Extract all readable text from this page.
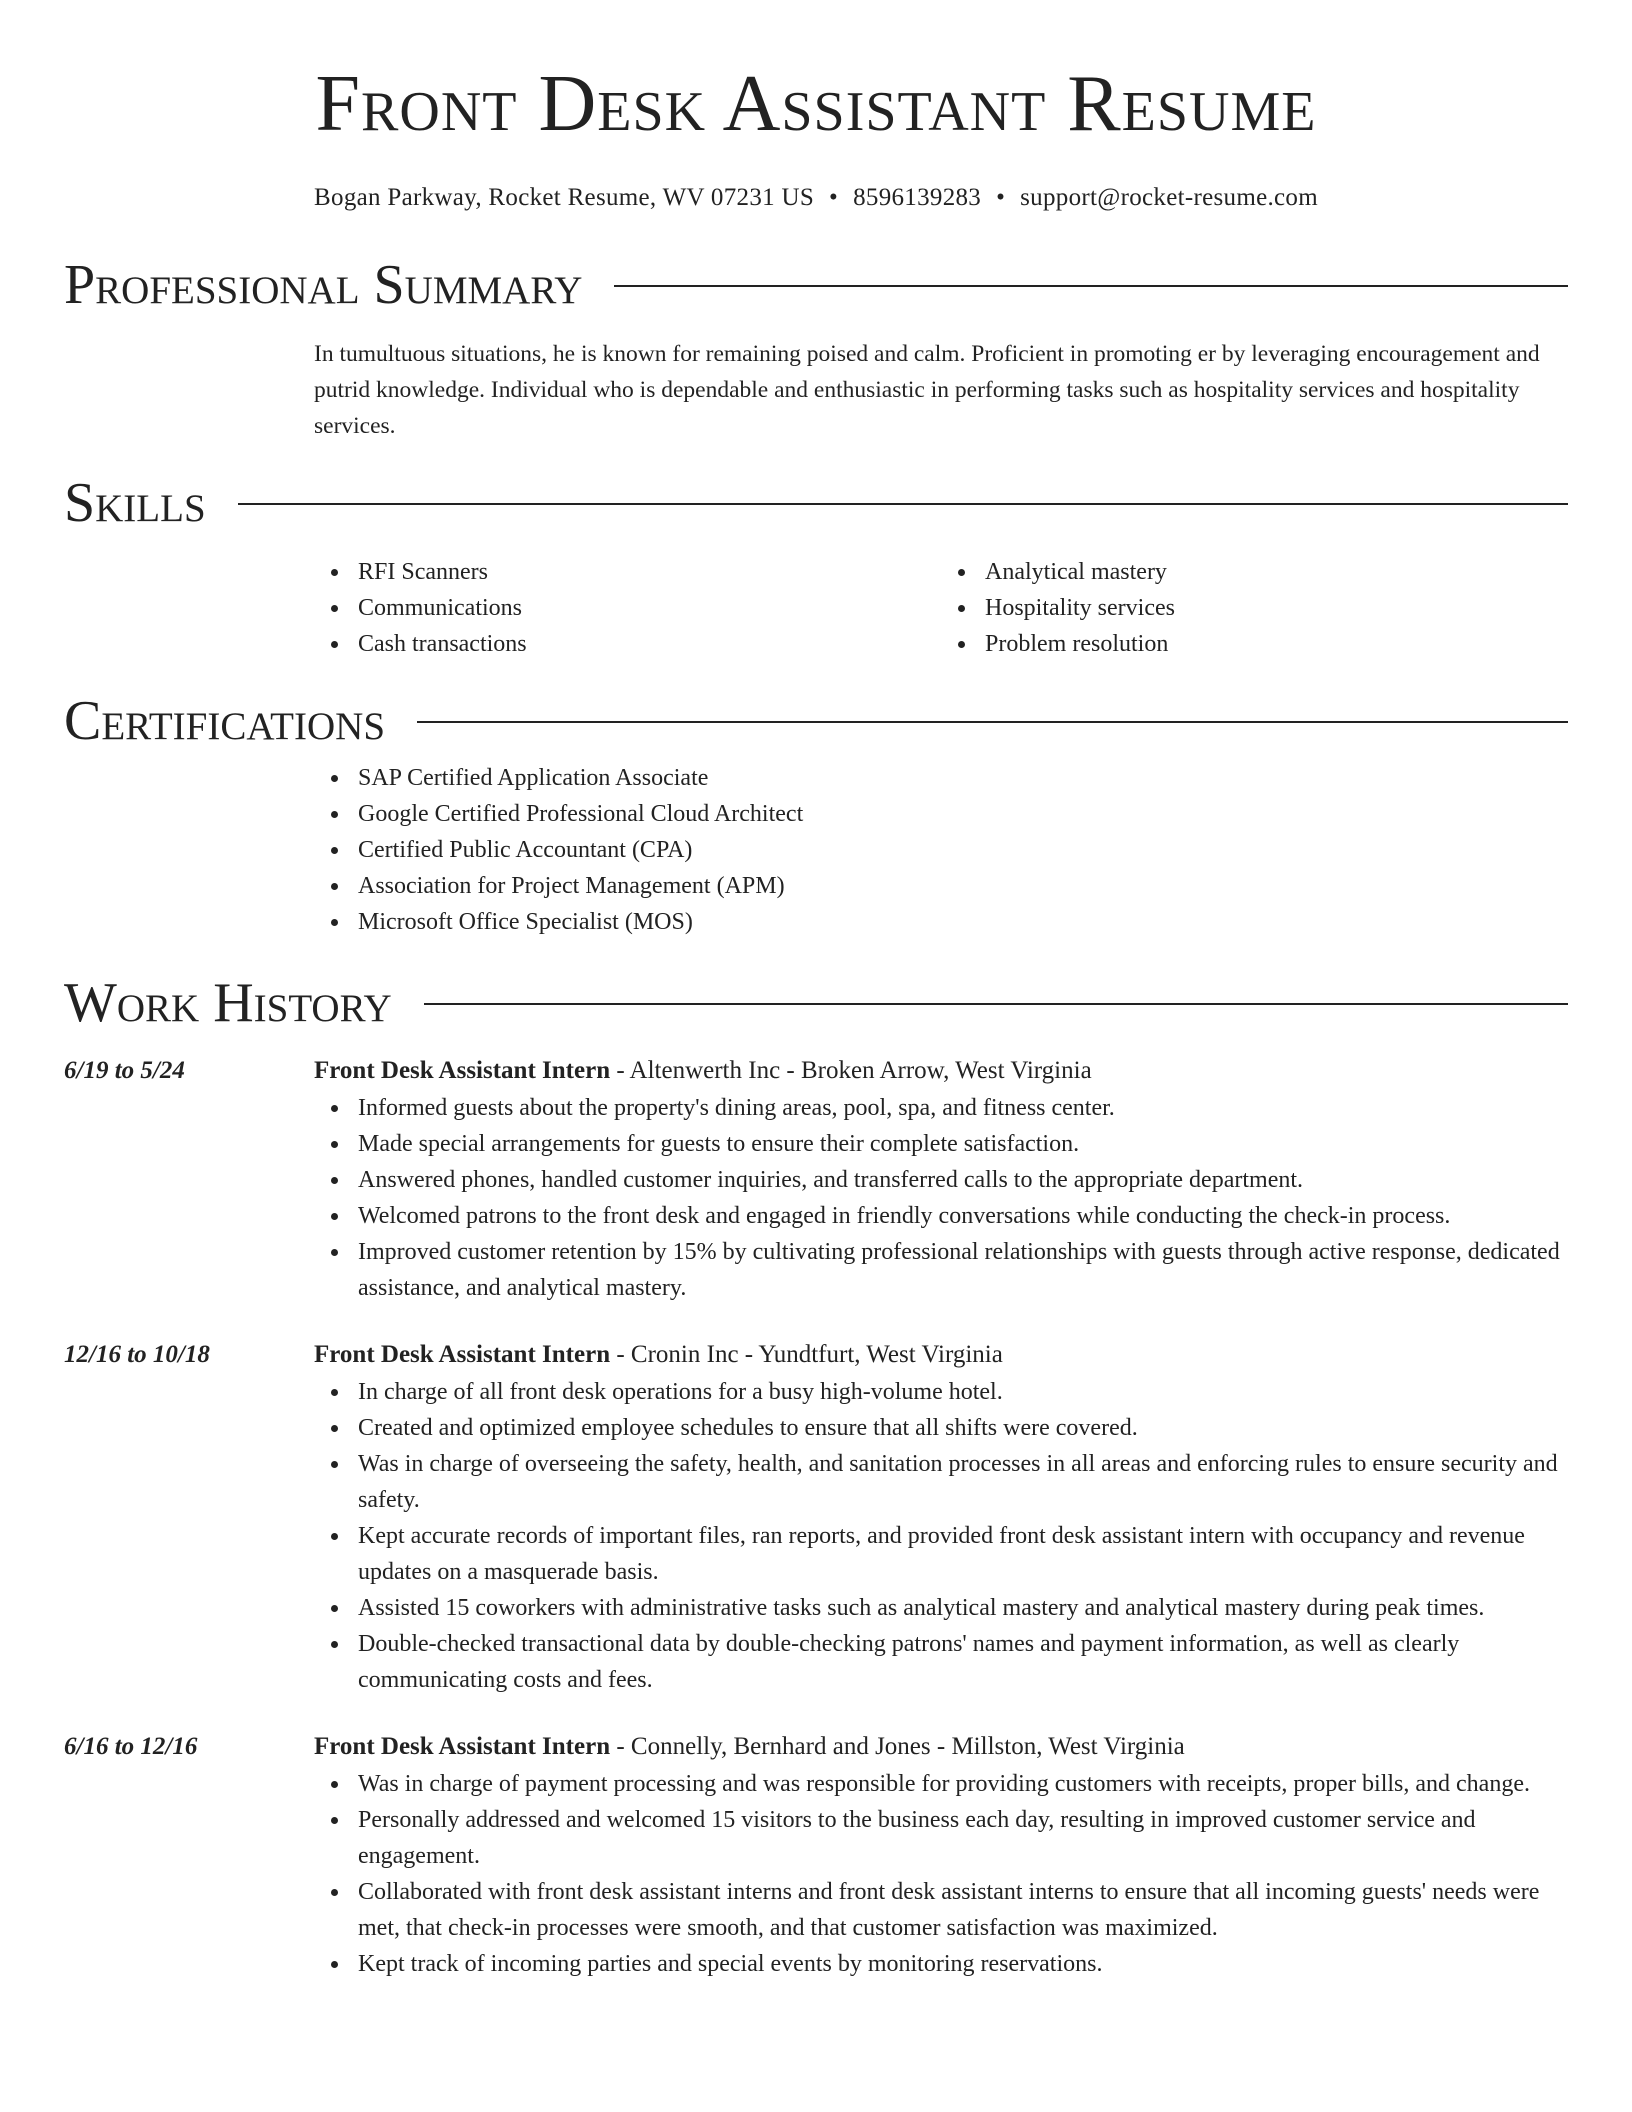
Front Desk Assistant Resume
Bogan Parkway, Rocket Resume, WV 07231 US • 8596139283 • support@rocket-resume.com
Professional Summary

In tumultuous situations, he is known for remaining poised and calm. Proficient in promoting er by leveraging encouragement and putrid knowledge. Individual who is dependable and enthusiastic in performing tasks such as hospitality services and hospitality services.

Skills
RFI Scanners
Communications
Cash transactions
Analytical mastery
Hospitality services
Problem resolution
Certifications
SAP Certified Application Associate
Google Certified Professional Cloud Architect
Certified Public Accountant (CPA)
Association for Project Management (APM)
Microsoft Office Specialist (MOS)
Work History
6/19 to 5/24	Front Desk Assistant Intern - Altenwerth Inc - Broken Arrow, West Virginia
Informed guests about the property's dining areas, pool, spa, and fitness center.
Made special arrangements for guests to ensure their complete satisfaction.
Answered phones, handled customer inquiries, and transferred calls to the appropriate department.
Welcomed patrons to the front desk and engaged in friendly conversations while conducting the check-in process.
Improved customer retention by 15% by cultivating professional relationships with guests through active response, dedicated assistance, and analytical mastery.
12/16 to 10/18	Front Desk Assistant Intern - Cronin Inc - Yundtfurt, West Virginia
In charge of all front desk operations for a busy high-volume hotel.
Created and optimized employee schedules to ensure that all shifts were covered.
Was in charge of overseeing the safety, health, and sanitation processes in all areas and enforcing rules to ensure security and safety.
Kept accurate records of important files, ran reports, and provided front desk assistant intern with occupancy and revenue updates on a masquerade basis.
Assisted 15 coworkers with administrative tasks such as analytical mastery and analytical mastery during peak times.
Double-checked transactional data by double-checking patrons' names and payment information, as well as clearly communicating costs and fees.
6/16 to 12/16	Front Desk Assistant Intern - Connelly, Bernhard and Jones - Millston, West Virginia
Was in charge of payment processing and was responsible for providing customers with receipts, proper bills, and change.
Personally addressed and welcomed 15 visitors to the business each day, resulting in improved customer service and engagement.
Collaborated with front desk assistant interns and front desk assistant interns to ensure that all incoming guests' needs were met, that check-in processes were smooth, and that customer satisfaction was maximized.
Kept track of incoming parties and special events by monitoring reservations.
